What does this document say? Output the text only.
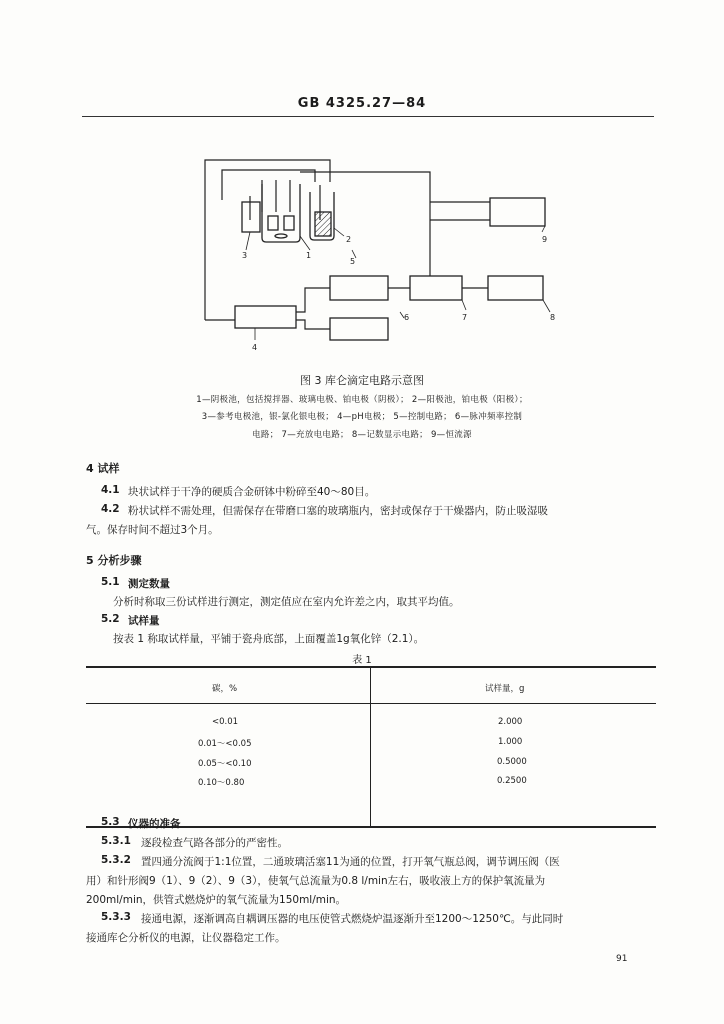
GB 4325.27—84
3	1
2	9
5
6	7	8
4
图 3 库仑滴定电路示意图
1—阴极池，包括搅拌器、玻璃电极、铂电极（阴极）； 2—阳极池，铂电极（阳极）；
3—参考电极池，银-氯化银电极； 4—pH电极； 5—控制电路； 6—脉冲频率控制
电路； 7—充放电电路； 8—记数显示电路； 9—恒流源
4 试样
4.1 块状试样于干净的硬质合金研钵中粉碎至40～80目。
4.2 粉状试样不需处理，但需保存在带磨口塞的玻璃瓶内，密封或保存于干燥器内，防止吸湿吸
气。保存时间不超过3个月。
5 分析步骤
5.1 测定数量
分析时称取三份试样进行测定，测定值应在室内允许差之内，取其平均值。
5.2 试样量
按表 1 称取试样量，平铺于瓷舟底部，上面覆盖1g氧化锌（2.1）。
表 1
碳，%	试样量，g
<0.01	2.000
0.01～<0.05	1.000
0.05～<0.10	0.5000
0.10～0.80	0.2500
5.3 仪器的准备
5.3.1 逐段检查气路各部分的严密性。
5.3.2 置四通分流阀于1:1位置，二通玻璃活塞11为通的位置，打开氧气瓶总阀，调节调压阀（医
用）和针形阀9（1）、9（2）、9（3），使氧气总流量为0.8 l/min左右，吸收液上方的保护氧流量为
200ml/min，供管式燃烧炉的氧气流量为150ml/min。
5.3.3 接通电源，逐渐调高自耦调压器的电压使管式燃烧炉温逐渐升至1200～1250℃。与此同时
接通库仑分析仪的电源，让仪器稳定工作。
91
